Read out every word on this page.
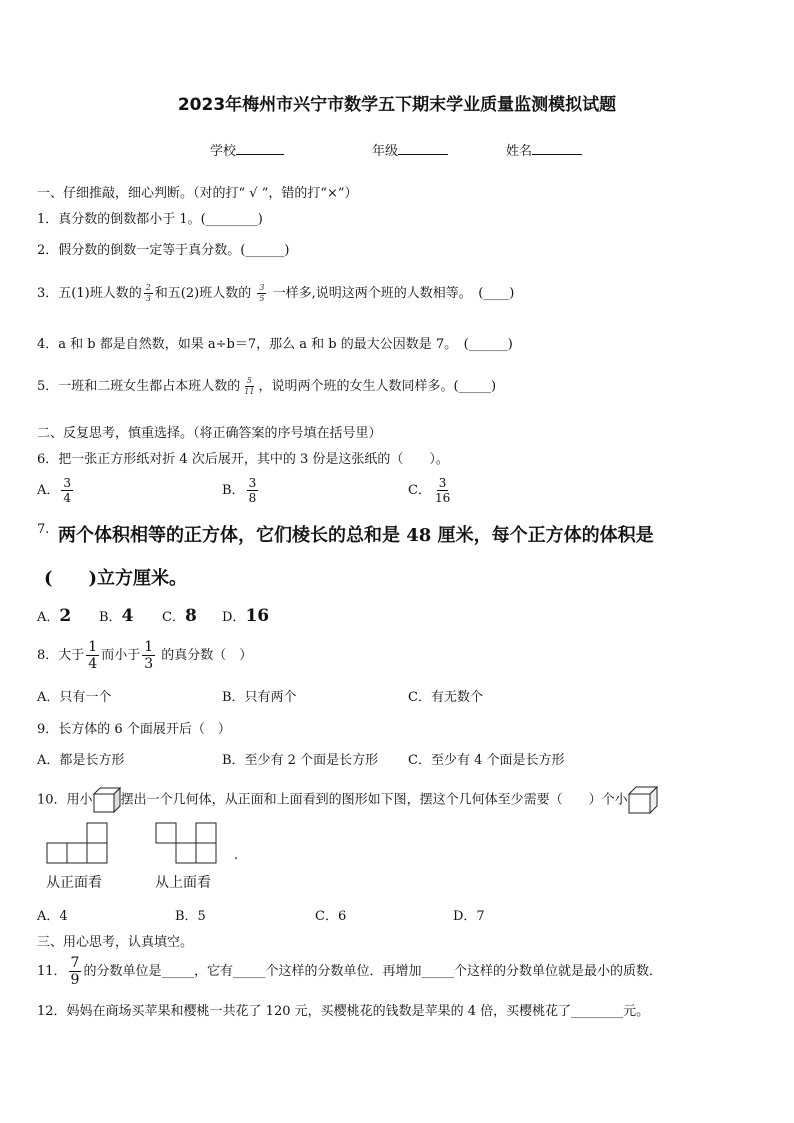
2023年梅州市兴宁市数学五下期末学业质量监测模拟试题
学校	年级	姓名
一、仔细推敲，细心判断。（对的打“ √ ”，错的打“×”）
1．真分数的倒数都小于 1。(________)
2．假分数的倒数一定等于真分数。(______)
3．五(1)班人数的 $\frac{2}{3}$ 和五(2)班人数的 $\frac{3}{5}$ 一样多,说明这两个班的人数相等。　(____)
4．a 和 b 都是自然数，如果 a÷b＝7，那么 a 和 b 的最大公因数是 7。　(______)
5．一班和二班女生都占本班人数的 $\frac{5}{11}$ ，说明两个班的女生人数同样多。(_____)
二、反复思考，慎重选择。（将正确答案的序号填在括号里）
6．把一张正方形纸对折 4 次后展开，其中的 3 份是这张纸的（　　）。
A． $\frac{3}{4}$	B． $\frac{3}{8}$	C． $\frac{3}{16}$
7. 两个体积相等的正方体，它们棱长的总和是 48 厘米，每个正方体的体积是
(　　)立方厘米。
A．2 B．4 C．8 D．16
8．大于 $\frac{1}{4}$ 而小于 $\frac{1}{3}$ 的真分数（　）
A．只有一个	B．只有两个	C．有无数个
9．长方体的 6 个面展开后（　）
A．都是长方形	B．至少有 2 个面是长方形 C．至少有 4 个面是长方形
10．用小 摆出一个几何体，从正面和上面看到的图形如下图，摆这个几何体至少需要（　　）个小
从正面看	从上面看
.
A．4	B．5	C．6	D．7
三、用心思考，认真填空。
11． $\frac{7}{9}$ 的分数单位是_____，它有_____个这样的分数单位．再增加_____个这样的分数单位就是最小的质数．
12．妈妈在商场买苹果和樱桃一共花了 120 元，买樱桃花的钱数是苹果的 4 倍，买樱桃花了________元。
